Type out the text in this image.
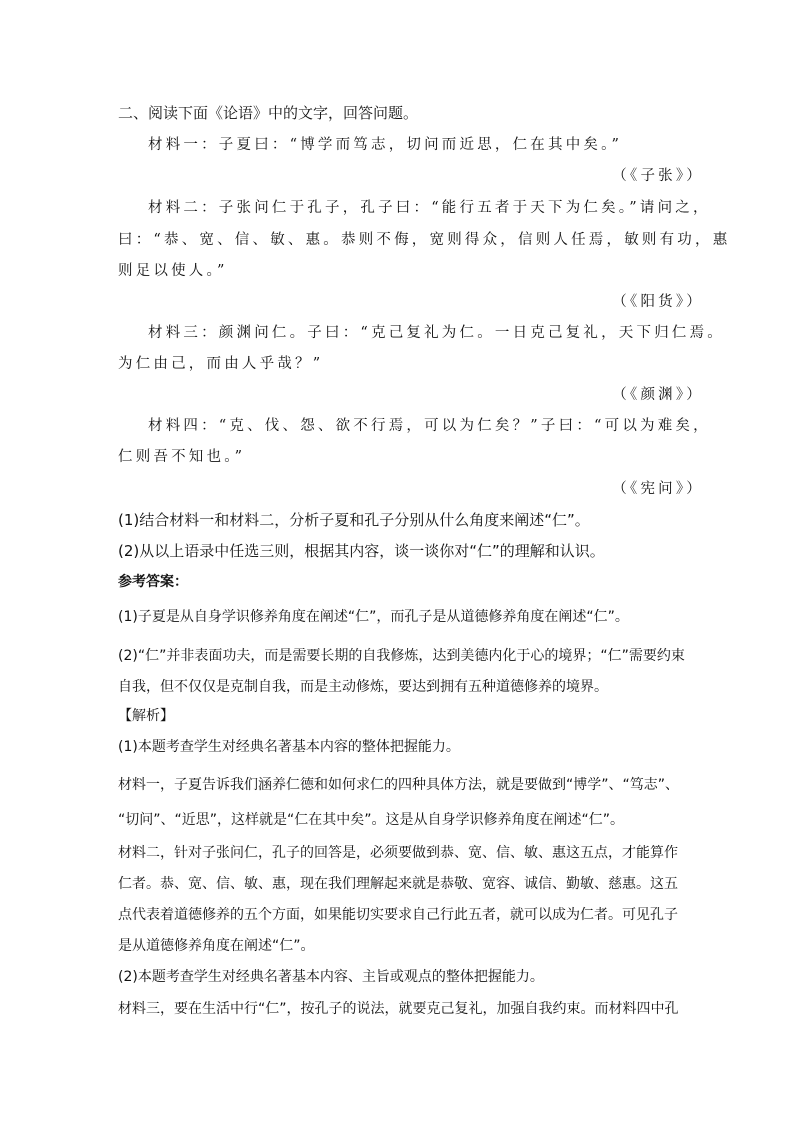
二、阅读下面《论语》中的文字，回答问题。
材料一：子夏曰：“博学而笃志，切问而近思，仁在其中矣。”
（《子张》）
材料二：子张问仁于孔子，孔子曰：“能行五者于天下为仁矣。”请问之，
曰：“恭、宽、信、敏、惠。恭则不侮，宽则得众，信则人任焉，敏则有功，惠
则足以使人。”
（《阳货》）
材料三：颜渊问仁。子曰：“克己复礼为仁。一日克己复礼，天下归仁焉。
为仁由己，而由人乎哉？”
（《颜渊》）
材料四：“克、伐、怨、欲不行焉，可以为仁矣？”子曰：“可以为难矣，
仁则吾不知也。”
（《宪问》）
(1)结合材料一和材料二，分析子夏和孔子分别从什么角度来阐述“仁”。
(2)从以上语录中任选三则，根据其内容，谈一谈你对“仁”的理解和认识。
参考答案：
(1)子夏是从自身学识修养角度在阐述“仁”，而孔子是从道德修养角度在阐述“仁”。
(2)“仁”并非表面功夫，而是需要长期的自我修炼，达到美德内化于心的境界；“仁”需要约束
自我，但不仅仅是克制自我，而是主动修炼，要达到拥有五种道德修养的境界。
【解析】
(1)本题考查学生对经典名著基本内容的整体把握能力。
材料一，子夏告诉我们涵养仁德和如何求仁的四种具体方法，就是要做到“博学”、“笃志”、
“切问”、“近思”，这样就是“仁在其中矣”。这是从自身学识修养角度在阐述“仁”。
材料二，针对子张问仁，孔子的回答是，必须要做到恭、宽、信、敏、惠这五点，才能算作
仁者。恭、宽、信、敏、惠，现在我们理解起来就是恭敬、宽容、诚信、勤敏、慈惠。这五
点代表着道德修养的五个方面，如果能切实要求自己行此五者，就可以成为仁者。可见孔子
是从道德修养角度在阐述“仁”。
(2)本题考查学生对经典名著基本内容、主旨或观点的整体把握能力。
材料三，要在生活中行“仁”，按孔子的说法，就要克己复礼，加强自我约束。而材料四中孔
